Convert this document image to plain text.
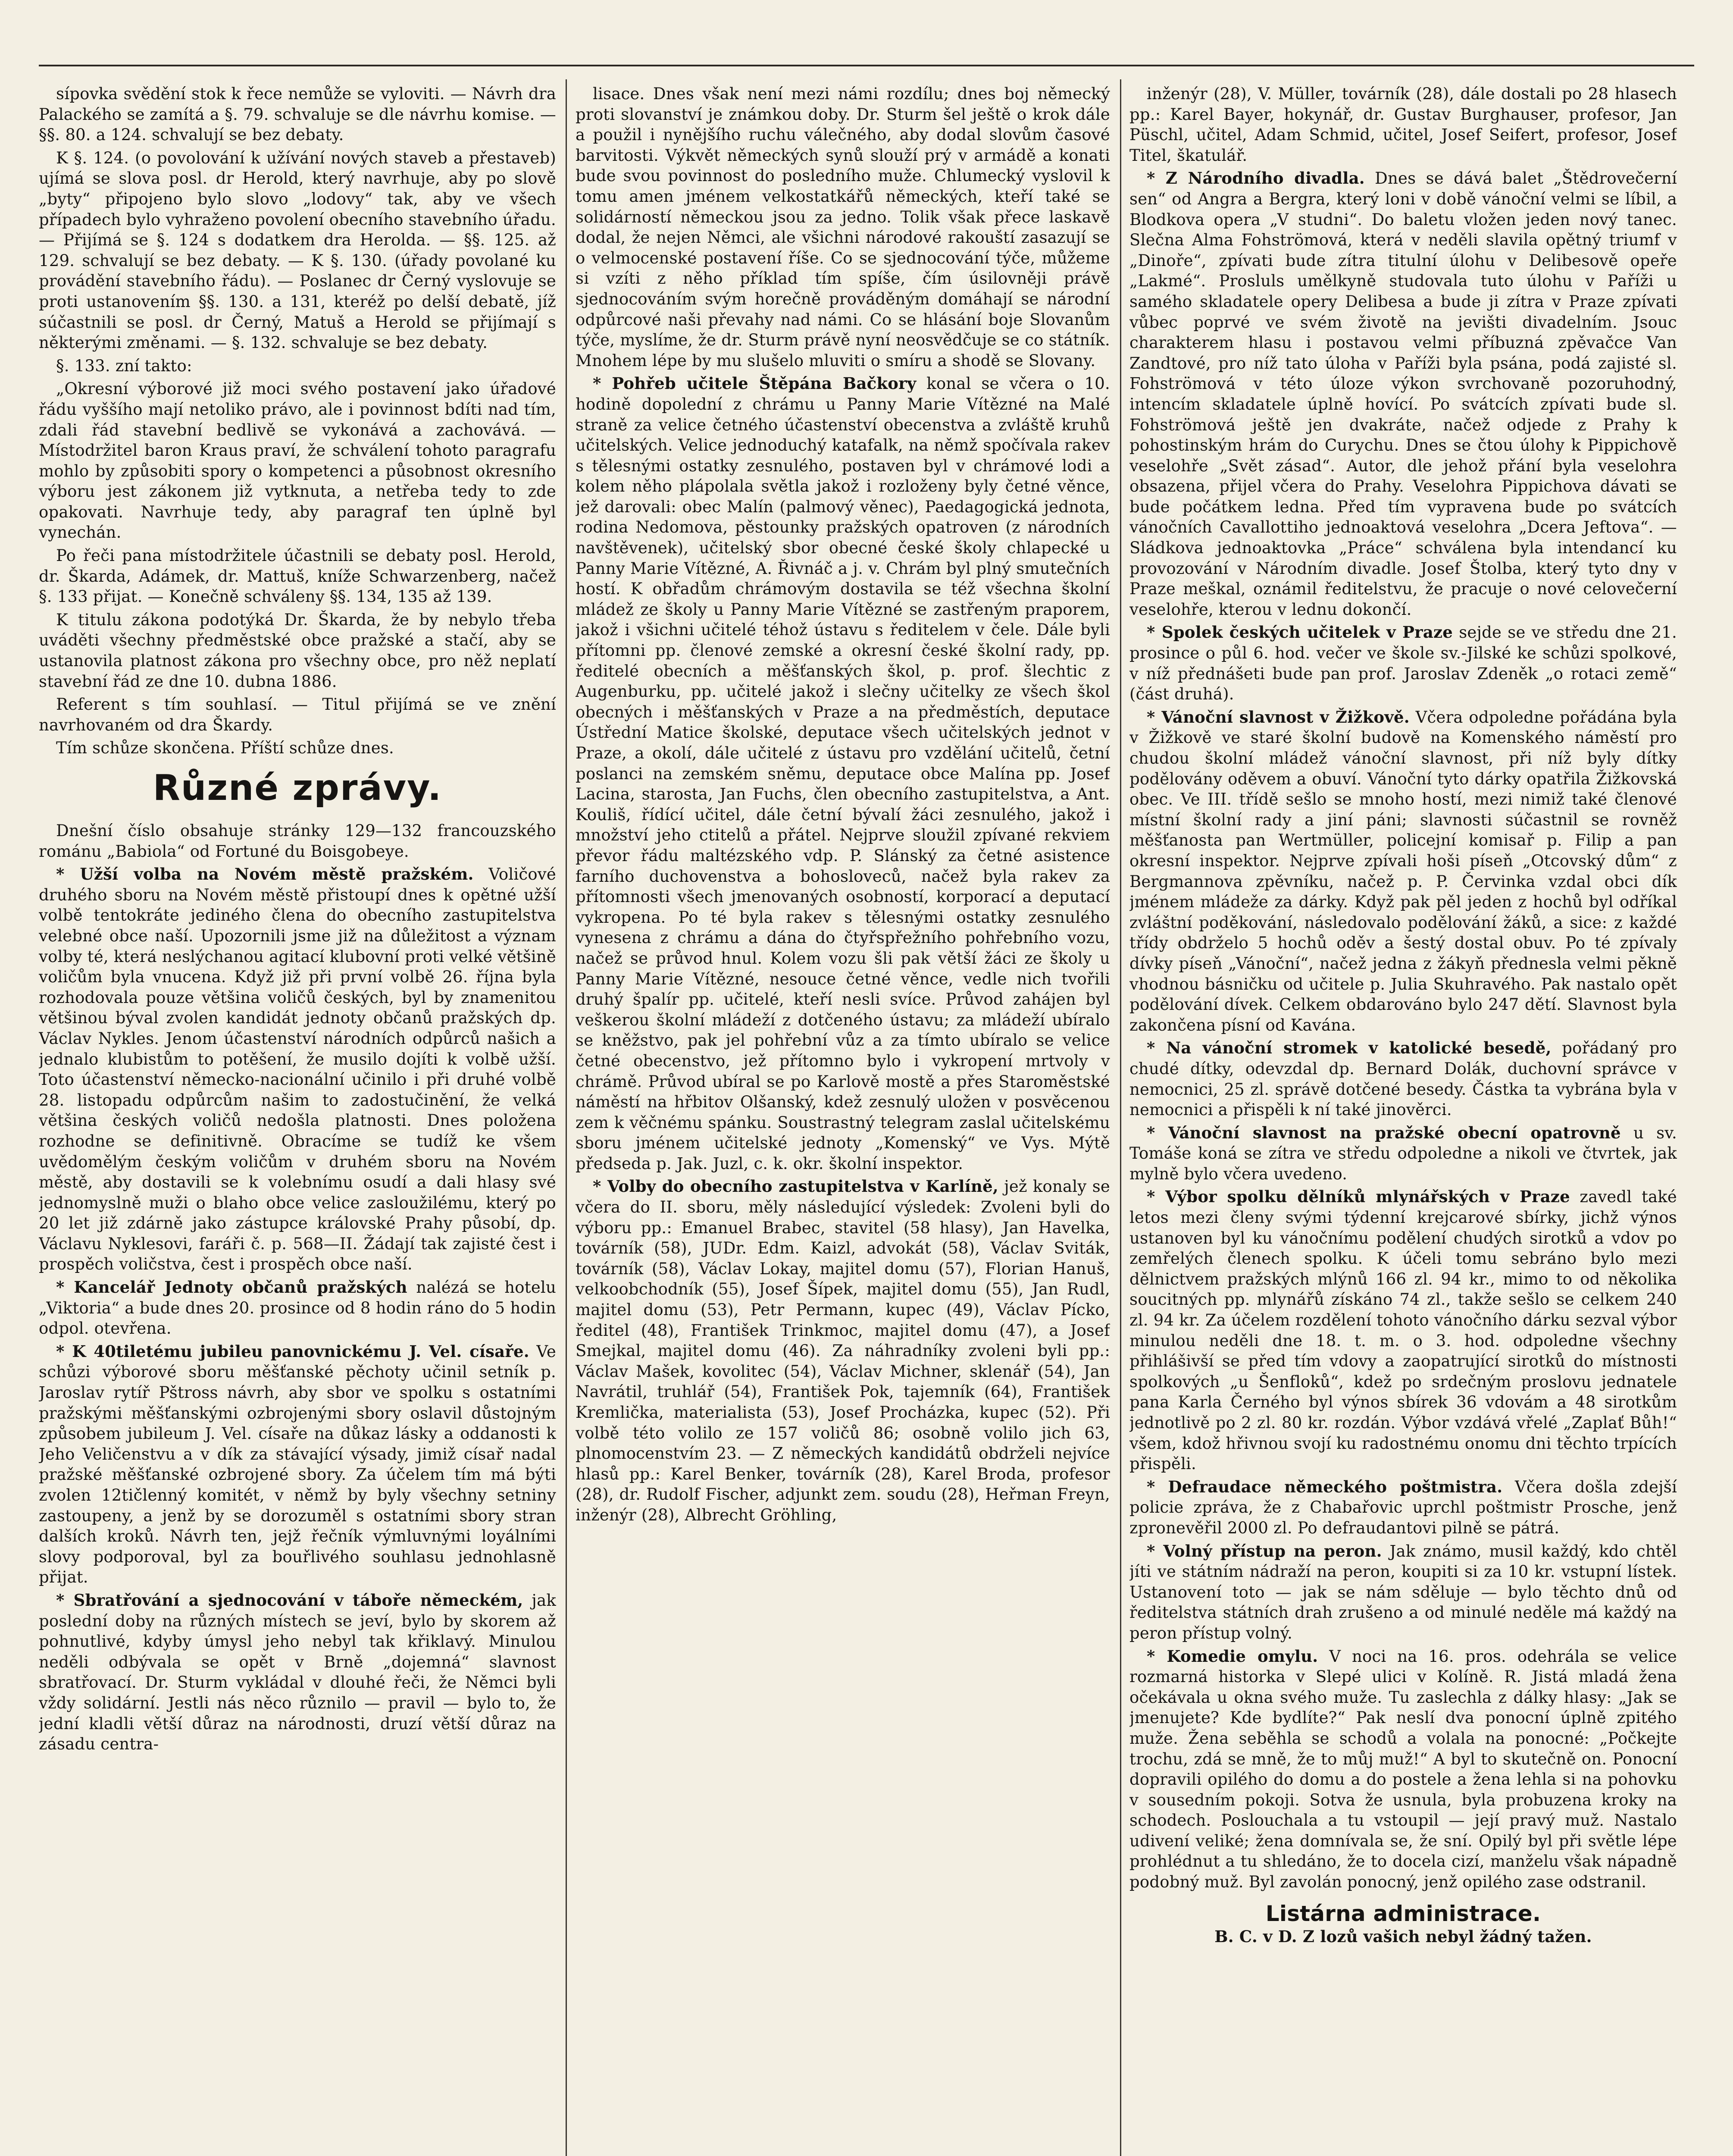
sípovka svědění stok k řece nemůže se vyloviti. — Návrh dra Palackého se zamítá a §. 79. schvaluje se dle návrhu komise. — §§. 80. a 124. schvalují se bez debaty.

K §. 124. (o povolování k užívání nových staveb a přestaveb) ujímá se slova posl. dr Herold, který navrhuje, aby po slově „byty“ připojeno bylo slovo „lodovy“ tak, aby ve všech případech bylo vyhraženo povolení obecního stavebního úřadu. — Přijímá se §. 124 s dodatkem dra Herolda. — §§. 125. až 129. schvalují se bez debaty. — K §. 130. (úřady povolané ku provádění stavebního řádu). — Poslanec dr Černý vyslovuje se proti ustanovením §§. 130. a 131, kteréž po delší debatě, jíž súčastnili se posl. dr Černý, Matuš a Herold se přijímají s některými změnami. — §. 132. schvaluje se bez debaty.

§. 133. zní takto:

„Okresní výborové již moci svého postavení jako úřadové řádu vyššího mají netoliko právo, ale i povinnost bdíti nad tím, zdali řád stavební bedlivě se vykonává a zachovává. — Místodržitel baron Kraus praví, že schválení tohoto paragrafu mohlo by způsobiti spory o kompetenci a působnost okresního výboru jest zákonem již vytknuta, a netřeba tedy to zde opakovati. Navrhuje tedy, aby paragraf ten úplně byl vynechán.

Po řeči pana místodržitele účastnili se debaty posl. Herold, dr. Škarda, Adámek, dr. Mattuš, kníže Schwarzenberg, načež §. 133 přijat. — Konečně schváleny §§. 134, 135 až 139.

K titulu zákona podotýká Dr. Škarda, že by nebylo třeba uváděti všechny předměstské obce pražské a stačí, aby se ustanovila platnost zákona pro všechny obce, pro něž neplatí stavební řád ze dne 10. dubna 1886.

Referent s tím souhlasí. — Titul přijímá se ve znění navrhovaném od dra Škardy.

Tím schůze skončena. Příští schůze dnes.

Různé zprávy.

Dnešní číslo obsahuje stránky 129—132 francouzského románu „Babiola“ od Fortuné du Boisgobeye.

* Užší volba na Novém městě pražském. Voličové druhého sboru na Novém městě přistoupí dnes k opětné užší volbě tentokráte jediného člena do obecního zastupitelstva velebné obce naší. Upozornili jsme již na důležitost a význam volby té, která neslýchanou agitací klubovní proti velké většině voličům byla vnucena. Když již při první volbě 26. října byla rozhodovala pouze většina voličů českých, byl by znamenitou většinou býval zvolen kandidát jednoty občanů pražských dp. Václav Nykles. Jenom účastenství národních odpůrců našich a jednalo klubistům to potěšení, že musilo dojíti k volbě užší. Toto účastenství německo-nacionální učinilo i při druhé volbě 28. listopadu odpůrcům našim to zadostučinění, že velká většina českých voličů nedošla platnosti. Dnes položena rozhodne se definitivně. Obracíme se tudíž ke všem uvědomělým českým voličům v druhém sboru na Novém městě, aby dostavili se k volebnímu osudí a dali hlasy své jednomyslně muži o blaho obce velice zasloužilému, který po 20 let již zdárně jako zástupce královské Prahy působí, dp. Václavu Nyklesovi, faráři č. p. 568—II. Žádají tak zajisté čest i prospěch voličstva, čest i prospěch obce naší.

* Kancelář Jednoty občanů pražských nalézá se hotelu „Viktoria“ a bude dnes 20. prosince od 8 hodin ráno do 5 hodin odpol. otevřena.

* K 40tiletému jubileu panovnickému J. Vel. císaře. Ve schůzi výborové sboru měšťanské pěchoty učinil setník p. Jaroslav rytíř Pštross návrh, aby sbor ve spolku s ostatními pražskými měšťanskými ozbrojenými sbory oslavil důstojným způsobem jubileum J. Vel. císaře na důkaz lásky a oddanosti k Jeho Veličenstvu a v dík za stávající výsady, jimiž císař nadal pražské měšťanské ozbrojené sbory. Za účelem tím má býti zvolen 12tičlenný komitét, v němž by byly všechny setniny zastoupeny, a jenž by se dorozuměl s ostatními sbory stran dalších kroků. Návrh ten, jejž řečník výmluvnými loyálními slovy podporoval, byl za bouřlivého souhlasu jednohlasně přijat.

* Sbratřování a sjednocování v táboře německém, jak poslední doby na různých místech se jeví, bylo by skorem až pohnutlivé, kdyby úmysl jeho nebyl tak křiklavý. Minulou neděli odbývala se opět v Brně „dojemná“ slavnost sbratřovací. Dr. Sturm vykládal v dlouhé řeči, že Němci byli vždy solidární. Jestli nás něco různilo — pravil — bylo to, že jední kladli větší důraz na národnosti, druzí větší důraz na zásadu centra-

lisace. Dnes však není mezi námi rozdílu; dnes boj německý proti slovanství je známkou doby. Dr. Sturm šel ještě o krok dále a použil i nynějšího ruchu válečného, aby dodal slovům časové barvitosti. Výkvět německých synů slouží prý v armádě a konati bude svou povinnost do posledního muže. Chlumecký vyslovil k tomu amen jménem velkostatkářů německých, kteří také se solidárností německou jsou za jedno. Tolik však přece laskavě dodal, že nejen Němci, ale všichni národové rakouští zasazují se o velmocenské postavení říše. Co se sjednocování týče, můžeme si vzíti z něho příklad tím spíše, čím úsilovněji právě sjednocováním svým horečně prováděným domáhají se národní odpůrcové naši převahy nad námi. Co se hlásání boje Slovanům týče, myslíme, že dr. Sturm právě nyní neosvědčuje se co státník. Mnohem lépe by mu slušelo mluviti o smíru a shodě se Slovany.

* Pohřeb učitele Štěpána Bačkory konal se včera o 10. hodině dopolední z chrámu u Panny Marie Vítězné na Malé straně za velice četného účastenství obecenstva a zvláště kruhů učitelských. Velice jednoduchý katafalk, na němž spočívala rakev s tělesnými ostatky zesnulého, postaven byl v chrámové lodi a kolem něho plápolala světla jakož i rozloženy byly četné věnce, jež darovali: obec Malín (palmový věnec), Paedagogická jednota, rodina Nedomova, pěstounky pražských opatroven (z národních navštěvenek), učitelský sbor obecné české školy chlapecké u Panny Marie Vítězné, A. Řivnáč a j. v. Chrám byl plný smutečních hostí. K obřadům chrámovým dostavila se též všechna školní mládež ze školy u Panny Marie Vítězné se zastřeným praporem, jakož i všichni učitelé téhož ústavu s ředitelem v čele. Dále byli přítomni pp. členové zemské a okresní české školní rady, pp. ředitelé obecních a měšťanských škol, p. prof. šlechtic z Augenburku, pp. učitelé jakož i slečny učitelky ze všech škol obecných i měšťanských v Praze a na předměstích, deputace Ústřední Matice školské, deputace všech učitelských jednot v Praze, a okolí, dále učitelé z ústavu pro vzdělání učitelů, četní poslanci na zemském sněmu, deputace obce Malína pp. Josef Lacina, starosta, Jan Fuchs, člen obecního zastupitelstva, a Ant. Kouliš, řídící učitel, dále četní bývalí žáci zesnulého, jakož i množství jeho ctitelů a přátel. Nejprve sloužil zpívané rekviem převor řádu maltézského vdp. P. Slánský za četné asistence farního duchovenstva a bohosloveců, načež byla rakev za přítomnosti všech jmenovaných osobností, korporací a deputací vykropena. Po té byla rakev s tělesnými ostatky zesnulého vynesena z chrámu a dána do čtyřspřežního pohřebního vozu, načež se průvod hnul. Kolem vozu šli pak větší žáci ze školy u Panny Marie Vítězné, nesouce četné věnce, vedle nich tvořili druhý špalír pp. učitelé, kteří nesli svíce. Průvod zahájen byl veškerou školní mládeží z dotčeného ústavu; za mládeží ubíralo se kněžstvo, pak jel pohřební vůz a za tímto ubíralo se velice četné obecenstvo, jež přítomno bylo i vykropení mrtvoly v chrámě. Průvod ubíral se po Karlově mostě a přes Staroměstské náměstí na hřbitov Olšanský, kdež zesnulý uložen v posvěcenou zem k věčnému spánku. Soustrastný telegram zaslal učitelskému sboru jménem učitelské jednoty „Komenský“ ve Vys. Mýtě předseda p. Jak. Juzl, c. k. okr. školní inspektor.

* Volby do obecního zastupitelstva v Karlíně, jež konaly se včera do II. sboru, měly následující výsledek: Zvoleni byli do výboru pp.: Emanuel Brabec, stavitel (58 hlasy), Jan Havelka, továrník (58), JUDr. Edm. Kaizl, advokát (58), Václav Sviták, továrník (58), Václav Lokay, majitel domu (57), Florian Hanuš, velkoobchodník (55), Josef Šípek, majitel domu (55), Jan Rudl, majitel domu (53), Petr Permann, kupec (49), Václav Pícko, ředitel (48), František Trinkmoc, majitel domu (47), a Josef Smejkal, majitel domu (46). Za náhradníky zvoleni byli pp.: Václav Mašek, kovolitec (54), Václav Michner, sklenář (54), Jan Navrátil, truhlář (54), František Pok, tajemník (64), František Kremlička, materialista (53), Josef Procházka, kupec (52). Při volbě této volilo ze 157 voličů 86; osobně volilo jich 63, plnomocenstvím 23. — Z německých kandidátů obdrželi nejvíce hlasů pp.: Karel Benker, továrník (28), Karel Broda, profesor (28), dr. Rudolf Fischer, adjunkt zem. soudu (28), Heřman Freyn, inženýr (28), Albrecht Gröhling,

inženýr (28), V. Müller, továrník (28), dále dostali po 28 hlasech pp.: Karel Bayer, hokynář, dr. Gustav Burghauser, profesor, Jan Püschl, učitel, Adam Schmid, učitel, Josef Seifert, profesor, Josef Titel, škatulář.

* Z Národního divadla. Dnes se dává balet „Štědrovečerní sen“ od Angra a Bergra, který loni v době vánoční velmi se líbil, a Blodkova opera „V studni“. Do baletu vložen jeden nový tanec. Slečna Alma Fohströmová, která v neděli slavila opětný triumf v „Dinoře“, zpívati bude zítra titulní úlohu v Delibesově opeře „Lakmé“. Prosluls umělkyně studovala tuto úlohu v Paříži u samého skladatele opery Delibesa a bude ji zítra v Praze zpívati vůbec poprvé ve svém životě na jevišti divadelním. Jsouc charakterem hlasu i postavou velmi příbuzná zpěvačce Van Zandtové, pro níž tato úloha v Paříži byla psána, podá zajisté sl. Fohströmová v této úloze výkon svrchovaně pozoruhodný, intencím skladatele úplně hovící. Po svátcích zpívati bude sl. Fohströmová ještě jen dvakráte, načež odjede z Prahy k pohostinským hrám do Curychu. Dnes se čtou úlohy k Pippichově veselohře „Svět zásad“. Autor, dle jehož přání byla veselohra obsazena, přijel včera do Prahy. Veselohra Pippichova dávati se bude počátkem ledna. Před tím vypravena bude po svátcích vánočních Cavallottiho jednoaktová veselohra „Dcera Jeftova“. — Sládkova jednoaktovka „Práce“ schválena byla intendancí ku provozování v Národním divadle. Josef Štolba, který tyto dny v Praze meškal, oznámil ředitelstvu, že pracuje o nové celovečerní veselohře, kterou v lednu dokončí.

* Spolek českých učitelek v Praze sejde se ve středu dne 21. prosince o půl 6. hod. večer ve škole sv.-Jilské ke schůzi spolkové, v níž přednášeti bude pan prof. Jaroslav Zdeněk „o rotaci země“ (část druhá).

* Vánoční slavnost v Žižkově. Včera odpoledne pořádána byla v Žižkově ve staré školní budově na Komenského náměstí pro chudou školní mládež vánoční slavnost, při níž byly dítky podělovány oděvem a obuví. Vánoční tyto dárky opatřila Žižkovská obec. Ve III. třídě sešlo se mnoho hostí, mezi nimiž také členové místní školní rady a jiní páni; slavnosti súčastnil se rovněž měšťanosta pan Wertmüller, policejní komisař p. Filip a pan okresní inspektor. Nejprve zpívali hoši píseň „Otcovský dům“ z Bergmannova zpěvníku, načež p. P. Červinka vzdal obci dík jménem mládeže za dárky. Když pak pěl jeden z hochů byl odříkal zvláštní poděkování, následovalo podělování žáků, a sice: z každé třídy obdrželo 5 hochů oděv a šestý dostal obuv. Po té zpívaly dívky píseň „Vánoční“, načež jedna z žákyň přednesla velmi pěkně vhodnou básničku od učitele p. Julia Skuhravého. Pak nastalo opět podělování dívek. Celkem obdarováno bylo 247 dětí. Slavnost byla zakončena písní od Kavána.

* Na vánoční stromek v katolické besedě, pořádaný pro chudé dítky, odevzdal dp. Bernard Dolák, duchovní správce v nemocnici, 25 zl. správě dotčené besedy. Částka ta vybrána byla v nemocnici a přispěli k ní také jinověrci.

* Vánoční slavnost na pražské obecní opatrovně u sv. Tomáše koná se zítra ve středu odpoledne a nikoli ve čtvrtek, jak mylně bylo včera uvedeno.

* Výbor spolku dělníků mlynářských v Praze zavedl také letos mezi členy svými týdenní krejcarové sbírky, jichž výnos ustanoven byl ku vánočnímu podělení chudých sirotků a vdov po zemřelých členech spolku. K účeli tomu sebráno bylo mezi dělnictvem pražských mlýnů 166 zl. 94 kr., mimo to od několika soucitných pp. mlynářů získáno 74 zl., takže sešlo se celkem 240 zl. 94 kr. Za účelem rozdělení tohoto vánočního dárku sezval výbor minulou neděli dne 18. t. m. o 3. hod. odpoledne všechny přihlášivší se před tím vdovy a zaopatrující sirotků do místnosti spolkových „u Šenfloků“, kdež po srdečným proslovu jednatele pana Karla Černého byl výnos sbírek 36 vdovám a 48 sirotkům jednotlivě po 2 zl. 80 kr. rozdán. Výbor vzdává vřelé „Zaplať Bůh!“ všem, kdož hřivnou svojí ku radostnému onomu dni těchto trpících přispěli.

* Defraudace německého poštmistra. Včera došla zdejší policie zpráva, že z Chabařovic uprchl poštmistr Prosche, jenž zpronevěřil 2000 zl. Po defraudantovi pilně se pátrá.

* Volný přístup na peron. Jak známo, musil každý, kdo chtěl jíti ve státním nádraží na peron, koupiti si za 10 kr. vstupní lístek. Ustanovení toto — jak se nám sděluje — bylo těchto dnů od ředitelstva státních drah zrušeno a od minulé neděle má každý na peron přístup volný.

* Komedie omylu. V noci na 16. pros. odehrála se velice rozmarná historka v Slepé ulici v Kolíně. R. Jistá mladá žena očekávala u okna svého muže. Tu zaslechla z dálky hlasy: „Jak se jmenujete? Kde bydlíte?“ Pak neslí dva ponocní úplně zpitého muže. Žena seběhla se schodů a volala na ponocné: „Počkejte trochu, zdá se mně, že to můj muž!“ A byl to skutečně on. Ponocní dopravili opilého do domu a do postele a žena lehla si na pohovku v sousedním pokoji. Sotva že usnula, byla probuzena kroky na schodech. Poslouchala a tu vstoupil — její pravý muž. Nastalo udivení veliké; žena domnívala se, že sní. Opilý byl při světle lépe prohlédnut a tu shledáno, že to docela cizí, manželu však nápadně podobný muž. Byl zavolán ponocný, jenž opilého zase odstranil.

Listárna administrace.

B. C. v D. Z lozů vašich nebyl žádný tažen.
